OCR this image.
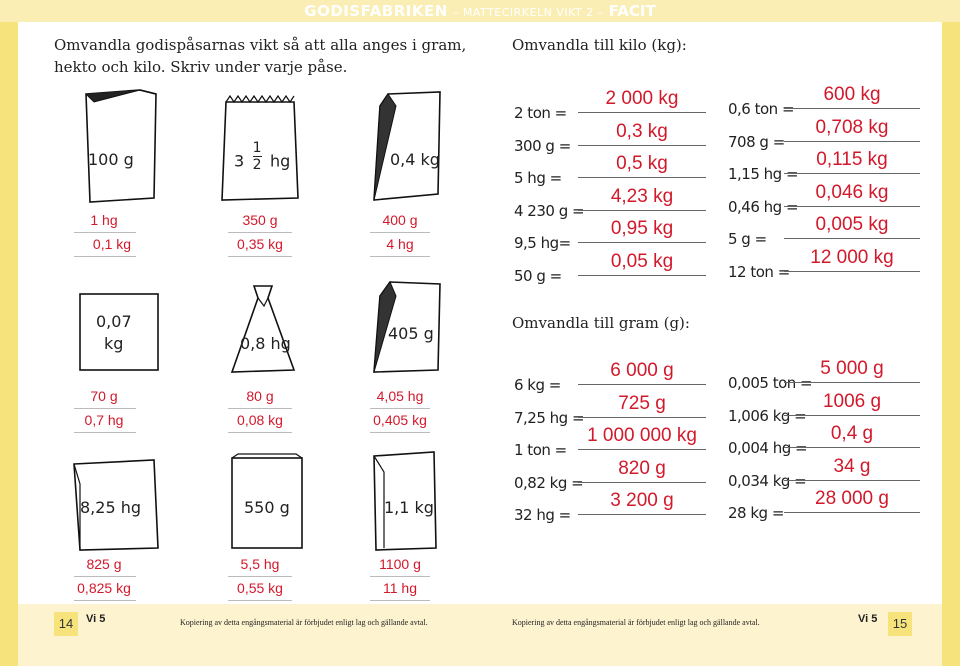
GODISFABRIKEN – MATTECIRKELN VIKT 2 – FACIT
Omvandla godispåsarnas vikt så att alla anges i gram,
hekto och kilo. Skriv under varje påse.
100 g	$3 \frac{1}{2}$ hg	0,4 kg
0,07
kg	0,8 hg
405 g
8,25 hg	550 g	1,1 kg
1 hg
0,1 kg
350 g
0,35 kg
400 g
4 hg
70 g
0,7 hg
80 g
0,08 kg
4,05 hg
0,405 kg
825 g
0,825 kg
5,5 hg
0,55 kg
1100 g
11 hg
14	Vi 5	Kopiering av detta engångsmaterial är förbjudet enligt lag och gällande avtal.
Omvandla till kilo (kg):
2 ton =
2 000 kg
300 g =
0,3 kg
5 hg =
0,5 kg
4 230 g =
4,23 kg
9,5 hg=
0,95 kg
50 g =
0,05 kg
0,6 ton =
600 kg
708 g =
0,708 kg
1,15 hg =
0,115 kg
0,46 hg =
0,046 kg
5 g =
0,005 kg
12 ton =
12 000 kg
Omvandla till gram (g):
6 kg =
6 000 g
7,25 hg =
725 g
1 ton =
1 000 000 kg
0,82 kg =
820 g
32 hg =
3 200 g
0,005 ton =
5 000 g
1,006 kg =
1006 g
0,004 hg =
0,4 g
0,034 kg =
34 g
28 kg =
28 000 g
Kopiering av detta engångsmaterial är förbjudet enligt lag och gällande avtal.	Vi 5	15
